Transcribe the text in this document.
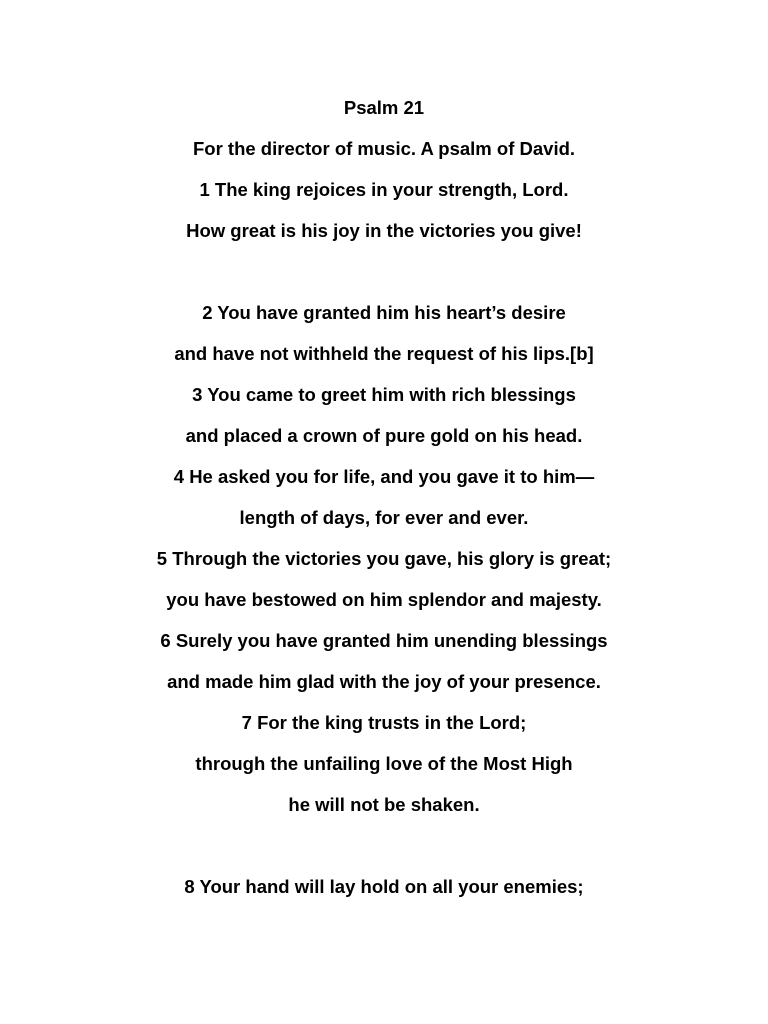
Psalm 21
For the director of music. A psalm of David.
1 The king rejoices in your strength, Lord.
How great is his joy in the victories you give!
2 You have granted him his heart’s desire
and have not withheld the request of his lips.[b]
3 You came to greet him with rich blessings
and placed a crown of pure gold on his head.
4 He asked you for life, and you gave it to him—
length of days, for ever and ever.
5 Through the victories you gave, his glory is great;
you have bestowed on him splendor and majesty.
6 Surely you have granted him unending blessings
and made him glad with the joy of your presence.
7 For the king trusts in the Lord;
through the unfailing love of the Most High
he will not be shaken.
8 Your hand will lay hold on all your enemies;
